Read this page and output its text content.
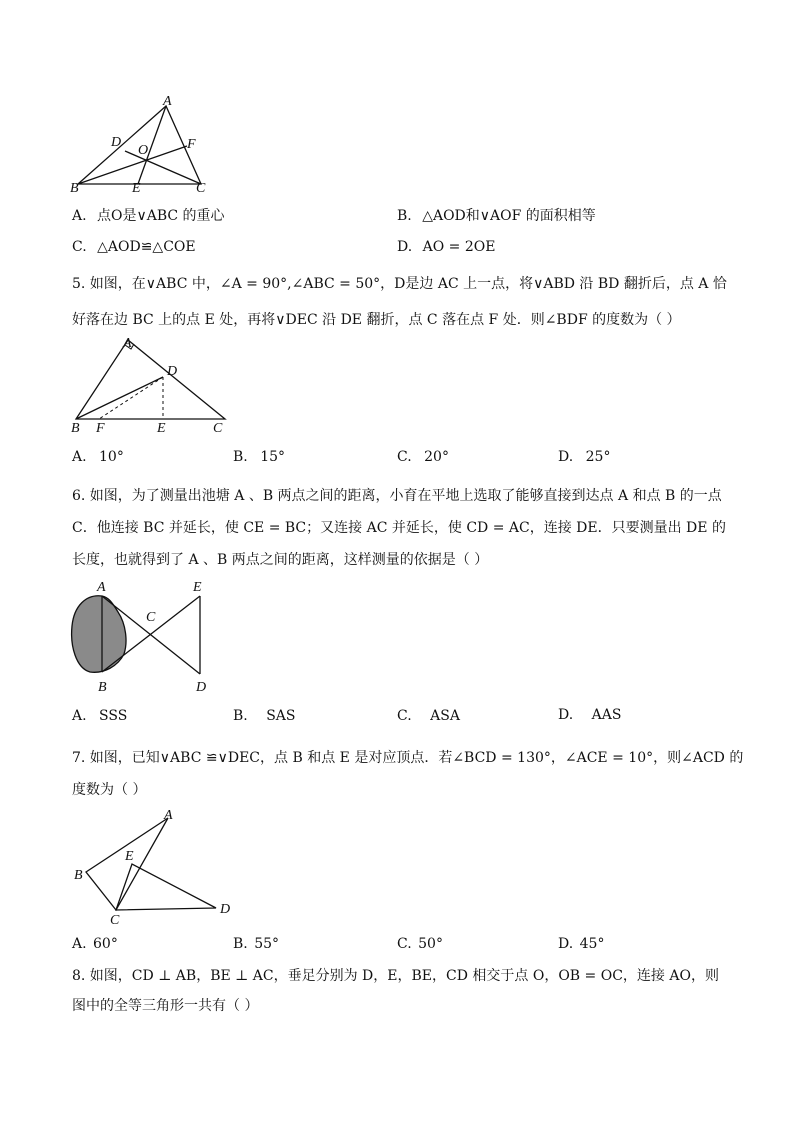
A
D
O	F
B	E	C
A. 点O是∨ABC 的重心	B. △AOD和∨AOF 的面积相等
C. △AOD≌△COE	D. AO = 2OE
5. 如图，在∨ABC 中，∠A = 90°,∠ABC = 50°，D是边 AC 上一点，将∨ABD 沿 BD 翻折后，点 A 恰
好落在边 BC 上的点 E 处，再将∨DEC 沿 DE 翻折，点 C 落在点 F 处．则∠BDF 的度数为（ ）
A
D
B F	E	C
A. 10°	B. 15°	C. 20°	D. 25°
6. 如图，为了测量出池塘 A 、B 两点之间的距离，小育在平地上选取了能够直接到达点 A 和点 B 的一点
C．他连接 BC 并延长，使 CE = BC；又连接 AC 并延长，使 CD = AC，连接 DE．只要测量出 DE 的
长度，也就得到了 A 、B 两点之间的距离，这样测量的依据是（ ）
A	E
C
B	D
A. SSS	B. SAS	C. ASA	D. AAS
7. 如图，已知∨ABC ≌∨DEC，点 B 和点 E 是对应顶点．若∠BCD = 130°，∠ACE = 10°，则∠ACD 的
度数为（ ）
A
E
B
C
D
A. 60°	B. 55°	C. 50°	D. 45°
8. 如图，CD ⊥ AB，BE ⊥ AC，垂足分别为 D，E，BE，CD 相交于点 O，OB = OC，连接 AO，则
图中的全等三角形一共有（ ）
